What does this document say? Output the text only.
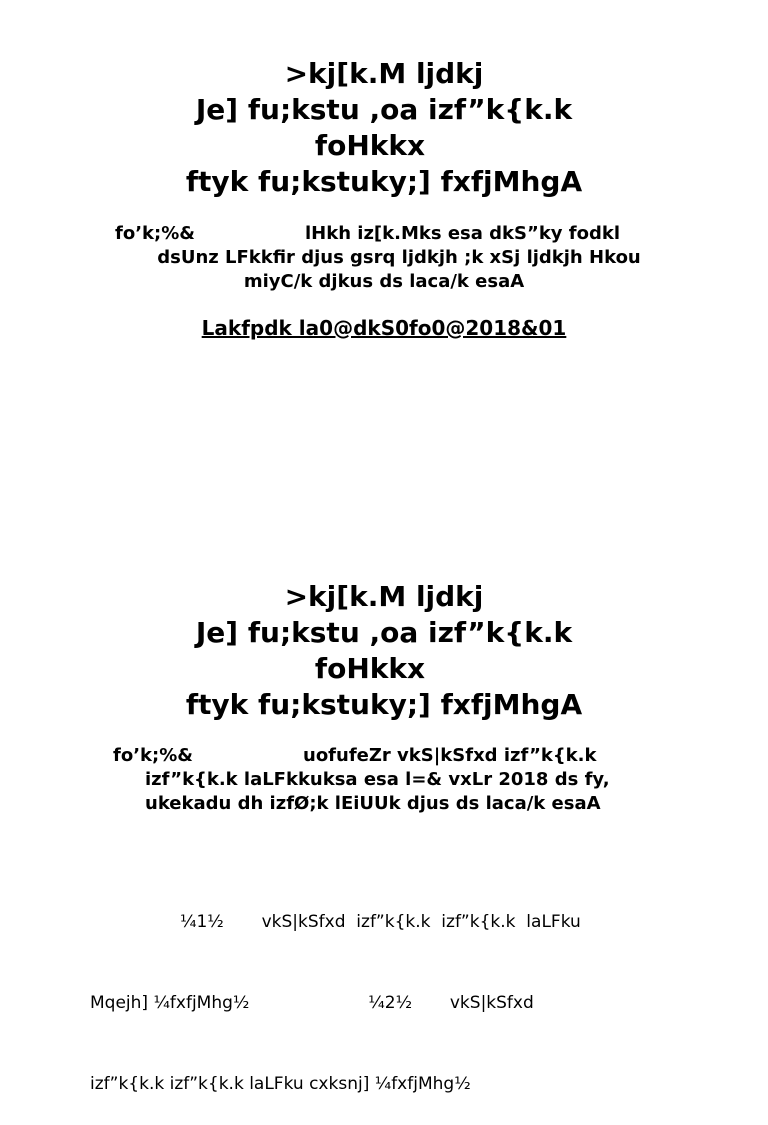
>kj[k.M ljdkj

Je] fu;kstu ,oa izf”k{k.k

foHkkx

ftyk fu;kstuky;] fxfjMhgA

fo’k;%&	lHkh iz[k.Mks esa dkS”ky fodkl

dsUnz LFkkfir djus gsrq ljdkjh ;k xSj ljdkjh Hkou

miyC/k djkus ds laca/k esaA

Lakfpdk la0@dkS0fo0@2018&01

>kj[k.M ljdkj

Je] fu;kstu ,oa izf”k{k.k

foHkkx

ftyk fu;kstuky;] fxfjMhgA

fo’k;%&	uofufeZr vkS|kSfxd izf”k{k.k

izf”k{k.k laLFkkuksa esa l=& vxLr 2018 ds fy,

ukekadu dh izfØ;k lEiUUk djus ds laca/k esaA

¼1½       vkS|kSfxd  izf”k{k.k  izf”k{k.k  laLFku

Mqejh] ¼fxfjMhg½                      ¼2½       vkS|kSfxd

izf”k{k.k izf”k{k.k laLFku cxksnj] ¼fxfjMhg½
